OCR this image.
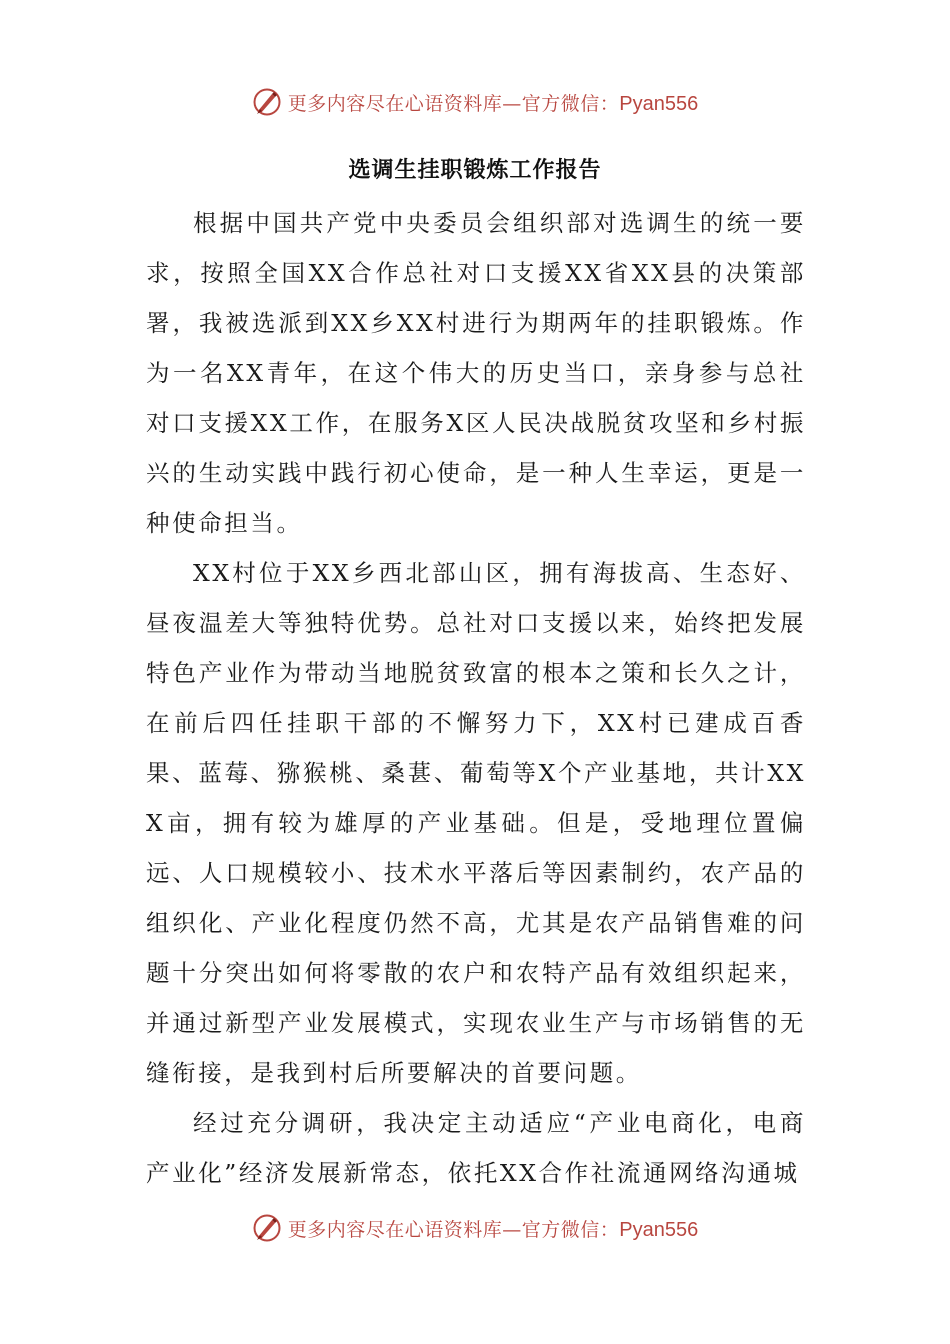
更多内容尽在心语资料库—官方微信：Pyan556
选调生挂职锻炼工作报告

根据中国共产党中央委员会组织部对选调生的统一要求，按照全国XX合作总社对口支援XX省XX县的决策部署，我被选派到XX乡XX村进行为期两年的挂职锻炼。作为一名XX青年，在这个伟大的历史当口，亲身参与总社对口支援XX工作，在服务X区人民决战脱贫攻坚和乡村振兴的生动实践中践行初心使命，是一种人生幸运，更是一种使命担当。

XX村位于XX乡西北部山区，拥有海拔高、生态好、昼夜温差大等独特优势。总社对口支援以来，始终把发展特色产业作为带动当地脱贫致富的根本之策和长久之计，在前后四任挂职干部的不懈努力下，XX村已建成百香果、蓝莓、猕猴桃、桑葚、葡萄等X个产业基地，共计XXX亩，拥有较为雄厚的产业基础。但是，受地理位置偏远、人口规模较小、技术水平落后等因素制约，农产品的组织化、产业化程度仍然不高，尤其是农产品销售难的问题十分突出如何将零散的农户和农特产品有效组织起来，并通过新型产业发展模式，实现农业生产与市场销售的无缝衔接，是我到村后所要解决的首要问题。

经过充分调研，我决定主动适应“产业电商化，电商产业化”经济发展新常态，依托XX合作社流通网络沟通城

更多内容尽在心语资料库—官方微信：Pyan556
